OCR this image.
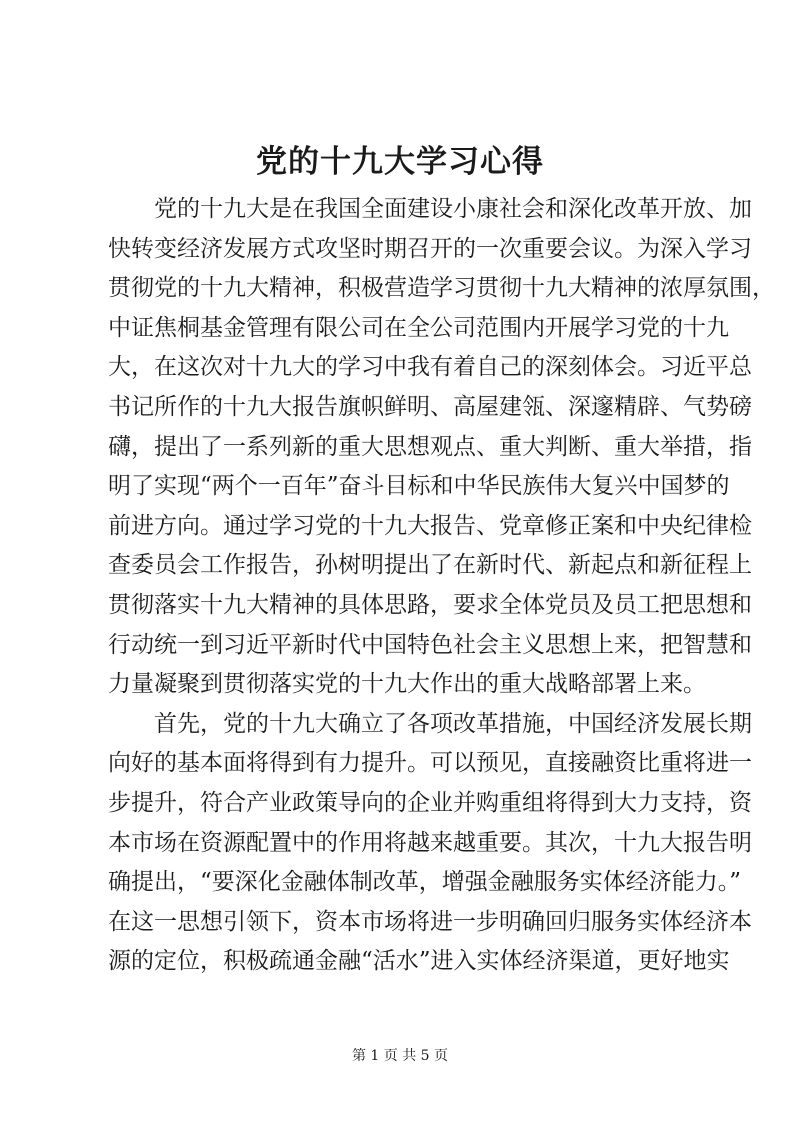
党的十九大学习心得
党的十九大是在我国全面建设小康社会和深化改革开放、加
快转变经济发展方式攻坚时期召开的一次重要会议。为深入学习
贯彻党的十九大精神，积极营造学习贯彻十九大精神的浓厚氛围，
中证焦桐基金管理有限公司在全公司范围内开展学习党的十九
大，在这次对十九大的学习中我有着自己的深刻体会。习近平总
书记所作的十九大报告旗帜鲜明、高屋建瓴、深邃精辟、气势磅
礴，提出了一系列新的重大思想观点、重大判断、重大举措，指
明了实现“两个一百年”奋斗目标和中华民族伟大复兴中国梦的
前进方向。通过学习党的十九大报告、党章修正案和中央纪律检
查委员会工作报告，孙树明提出了在新时代、新起点和新征程上
贯彻落实十九大精神的具体思路，要求全体党员及员工把思想和
行动统一到习近平新时代中国特色社会主义思想上来，把智慧和
力量凝聚到贯彻落实党的十九大作出的重大战略部署上来。
首先，党的十九大确立了各项改革措施，中国经济发展长期
向好的基本面将得到有力提升。可以预见，直接融资比重将进一
步提升，符合产业政策导向的企业并购重组将得到大力支持，资
本市场在资源配置中的作用将越来越重要。其次，十九大报告明
确提出，“要深化金融体制改革，增强金融服务实体经济能力。”
在这一思想引领下，资本市场将进一步明确回归服务实体经济本
源的定位，积极疏通金融“活水”进入实体经济渠道，更好地实
第 1 页 共 5 页
